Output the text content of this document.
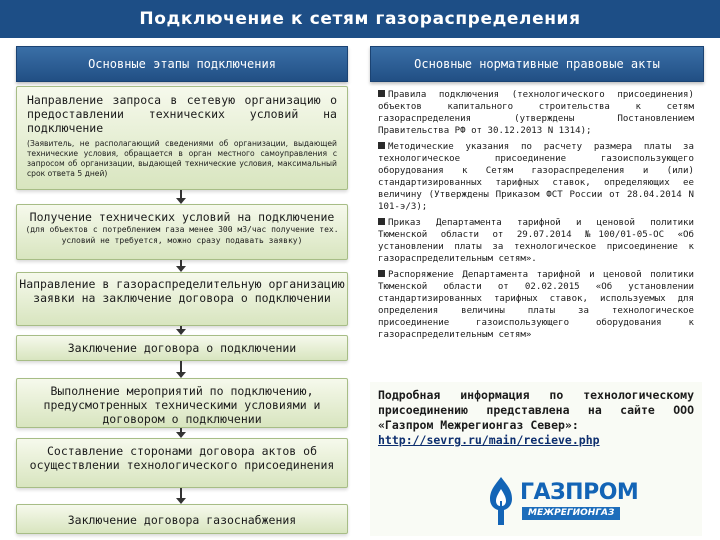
Подключение к сетям газораспределения
Основные этапы подключения	Основные нормативные правовые акты
Направление запроса в сетевую организацию о предоставлении технических условий на подключение
(Заявитель, не располагающий сведениями об организации, выдающей технические условия, обращается в орган местного самоуправления с запросом об организации, выдающей технические условия, максимальный срок ответа 5 дней)
Получение технических условий на подключение
(для объектов с потреблением газа менее 300 м3/час получение тех. условий не требуется, можно сразу подавать заявку)
Направление в газораспределительную организацию заявки на заключение договора о подключении
Заключение договора о подключении
Выполнение мероприятий по подключению, предусмотренных техническими условиями и договором о подключении
Составление сторонами договора актов об осуществлении технологического присоединения
Заключение договора газоснабжения

Правила подключения (технологического присоединения) объектов капитального строительства к сетям газораспределения (утверждены Постановлением Правительства РФ от 30.12.2013 N 1314);

Методические указания по расчету размера платы за технологическое присоединение газоиспользующего оборудования к Сетям газораспределения и (или) стандартизированных тарифных ставок, определяющих ее величину (Утверждены Приказом ФСТ России от 28.04.2014 N 101-э/3);

Приказ Департамента тарифной и ценовой политики Тюменской области от 29.07.2014 №100/01-05-ОС «Об установлении платы за технологическое присоединение к газораспределительным сетям».

Распоряжение Департамента тарифной и ценовой политики Тюменской области от 02.02.2015 «Об установлении стандартизированных тарифных ставок, используемых для определения величины платы за технологическое присоединение газоиспользующего оборудования к газораспределительным сетям»

Подробная информация по технологическому присоединению представлена на сайте ООО «Газпром Межрегионгаз Север»:

http://sevrg.ru/main/recieve.php
ГАЗПРОМ
МЕЖРЕГИОНГАЗ
